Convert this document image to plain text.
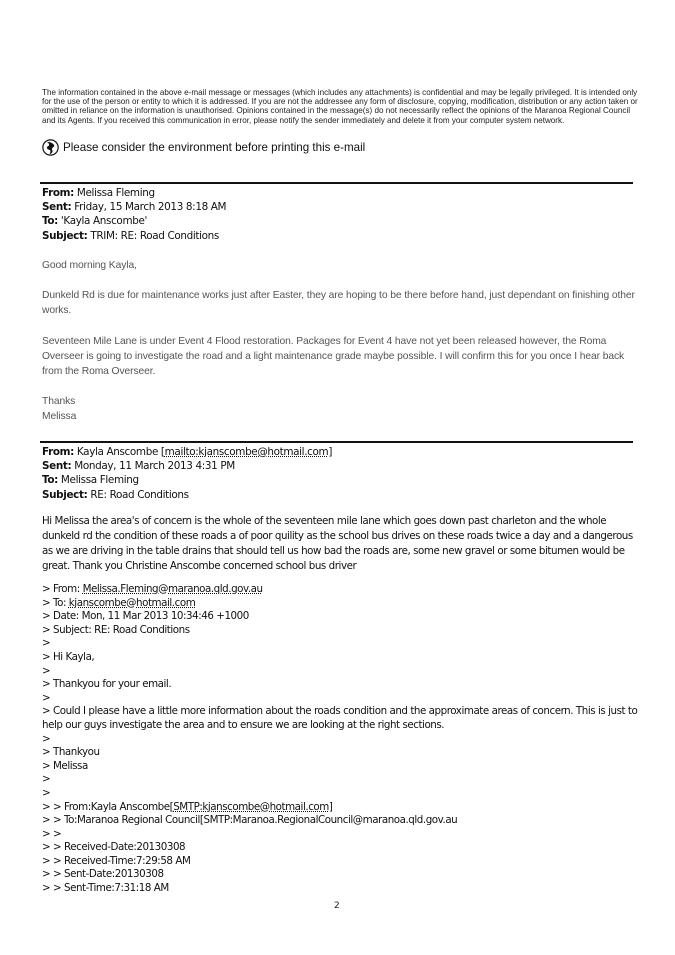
The information contained in the above e-mail message or messages (which includes any attachments) is confidential and may be legally privileged. It is intended only for the use of the person or entity to which it is addressed. If you are not the addressee any form of disclosure, copying, modification, distribution or any action taken or omitted in reliance on the information is unauthorised. Opinions contained in the message(s) do not necessarily reflect the opinions of the Maranoa Regional Council and its Agents. If you received this communication in error, please notify the sender immediately and delete it from your computer system network.
Please consider the environment before printing this e-mail
From: Melissa Fleming
Sent: Friday, 15 March 2013 8:18 AM
To: 'Kayla Anscombe'
Subject: TRIM: RE: Road Conditions

Good morning Kayla,

Dunkeld Rd is due for maintenance works just after Easter, they are hoping to be there before hand, just dependant on finishing other works.

Seventeen Mile Lane is under Event 4 Flood restoration. Packages for Event 4 have not yet been released however, the Roma Overseer is going to investigate the road and a light maintenance grade maybe possible. I will confirm this for you once I hear back from the Roma Overseer.

Thanks

Melissa

From: Kayla Anscombe [mailto:kjanscombe@hotmail.com]
Sent: Monday, 11 March 2013 4:31 PM
To: Melissa Fleming
Subject: RE: Road Conditions
Hi Melissa the area's of concern is the whole of the seventeen mile lane which goes down past charleton and the whole dunkeld rd the condition of these roads a of poor quility as the school bus drives on these roads twice a day and a dangerous as we are driving in the table drains that should tell us how bad the roads are, some new gravel or some bitumen would be great. Thank you Christine Anscombe concerned school bus driver
> From: Melissa.Fleming@maranoa.qld.gov.au
> To: kjanscombe@hotmail.com
> Date: Mon, 11 Mar 2013 10:34:46 +1000
> Subject: RE: Road Conditions
>
> Hi Kayla,
>
> Thankyou for your email.
>
> Could I please have a little more information about the roads condition and the approximate areas of concern. This is just to help our guys investigate the area and to ensure we are looking at the right sections.
>
> Thankyou
> Melissa
>
>
> > From:Kayla Anscombe[SMTP:kjanscombe@hotmail.com]
> > To:Maranoa Regional Council[SMTP:Maranoa.RegionalCouncil@maranoa.qld.gov.au
> >
> > Received-Date:20130308
> > Received-Time:7:29:58 AM
> > Sent-Date:20130308
> > Sent-Time:7:31:18 AM
2
